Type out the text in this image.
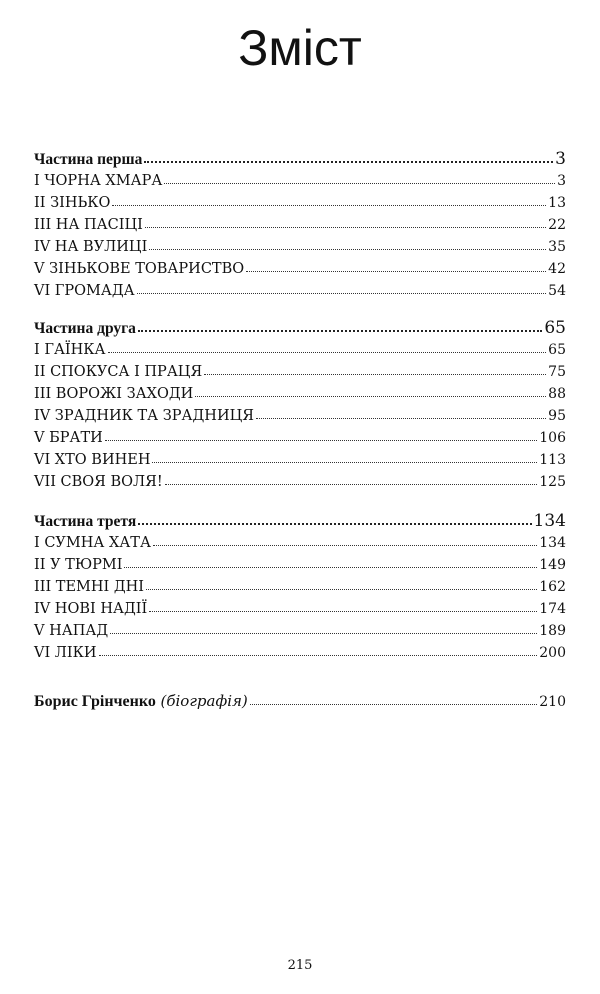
Зміст
Частина перша	3
I ЧОРНА ХМАРА	3
II ЗІНЬКО	13
III НА ПАСІЦІ	22
IV НА ВУЛИЦІ	35
V ЗІНЬКОВЕ ТОВАРИСТВО	42
VI ГРОМАДА	54
Частина друга	65
I ГАЇНКА	65
II СПОКУСА І ПРАЦЯ	75
III ВОРОЖІ ЗАХОДИ	88
IV ЗРАДНИК ТА ЗРАДНИЦЯ	95
V БРАТИ	106
VI ХТО ВИНЕН	113
VII СВОЯ ВОЛЯ!	125
Частина третя	134
I СУМНА ХАТА	134
II У ТЮРМІ	149
III ТЕМНІ ДНІ	162
IV НОВІ НАДІЇ	174
V НАПАД	189
VI ЛІКИ	200
Борис Грінченко (біографія)	210
215
